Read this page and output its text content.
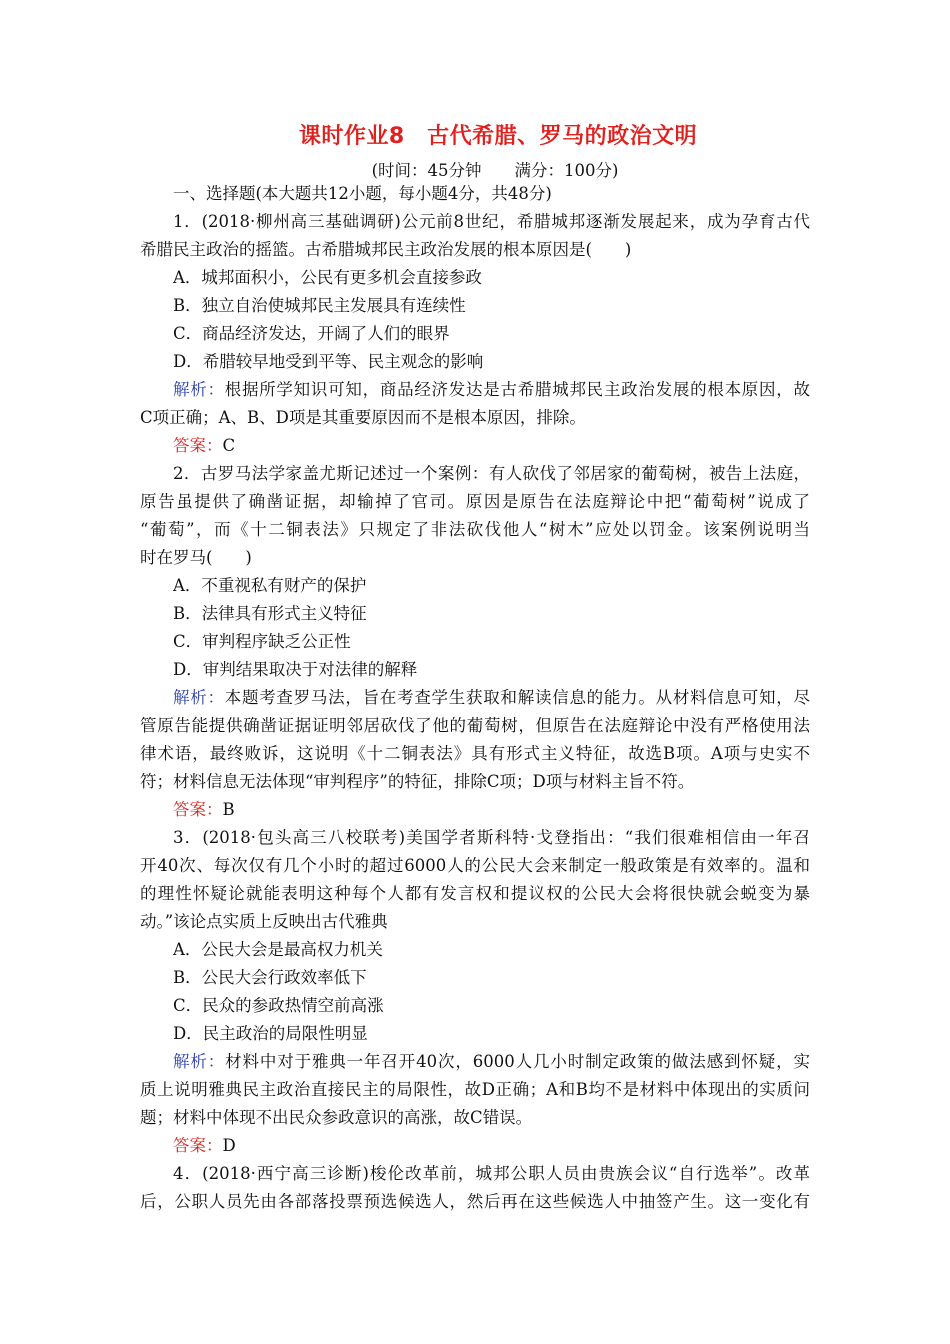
课时作业8　古代希腊、罗马的政治文明
(时间：45分钟　　满分：100分)
一、选择题(本大题共12小题，每小题4分，共48分)
1．(2018·柳州高三基础调研)公元前8世纪，希腊城邦逐渐发展起来，成为孕育古代
希腊民主政治的摇篮。古希腊城邦民主政治发展的根本原因是(　　)
A．城邦面积小，公民有更多机会直接参政
B．独立自治使城邦民主发展具有连续性
C．商品经济发达，开阔了人们的眼界
D．希腊较早地受到平等、民主观念的影响
解析：根据所学知识可知，商品经济发达是古希腊城邦民主政治发展的根本原因，故
C项正确；A、B、D项是其重要原因而不是根本原因，排除。
答案：C
2．古罗马法学家盖尤斯记述过一个案例：有人砍伐了邻居家的葡萄树，被告上法庭，
原告虽提供了确凿证据，却输掉了官司。原因是原告在法庭辩论中把“葡萄树”说成了
“葡萄”，而《十二铜表法》只规定了非法砍伐他人“树木”应处以罚金。该案例说明当
时在罗马(　　)
A．不重视私有财产的保护
B．法律具有形式主义特征
C．审判程序缺乏公正性
D．审判结果取决于对法律的解释
解析：本题考查罗马法，旨在考查学生获取和解读信息的能力。从材料信息可知，尽
管原告能提供确凿证据证明邻居砍伐了他的葡萄树，但原告在法庭辩论中没有严格使用法
律术语，最终败诉，这说明《十二铜表法》具有形式主义特征，故选B项。A项与史实不
符；材料信息无法体现“审判程序”的特征，排除C项；D项与材料主旨不符。
答案：B
3．(2018·包头高三八校联考)美国学者斯科特·戈登指出：“我们很难相信由一年召
开40次、每次仅有几个小时的超过6000人的公民大会来制定一般政策是有效率的。温和
的理性怀疑论就能表明这种每个人都有发言权和提议权的公民大会将很快就会蜕变为暴
动。”该论点实质上反映出古代雅典
A．公民大会是最高权力机关
B．公民大会行政效率低下
C．民众的参政热情空前高涨
D．民主政治的局限性明显
解析：材料中对于雅典一年召开40次，6000人几小时制定政策的做法感到怀疑，实
质上说明雅典民主政治直接民主的局限性，故D正确；A和B均不是材料中体现出的实质问
题；材料中体现不出民众参政意识的高涨，故C错误。
答案：D
4．(2018·西宁高三诊断)梭伦改革前，城邦公职人员由贵族会议“自行选举”。改革
后，公职人员先由各部落投票预选候选人，然后再在这些候选人中抽签产生。这一变化有
